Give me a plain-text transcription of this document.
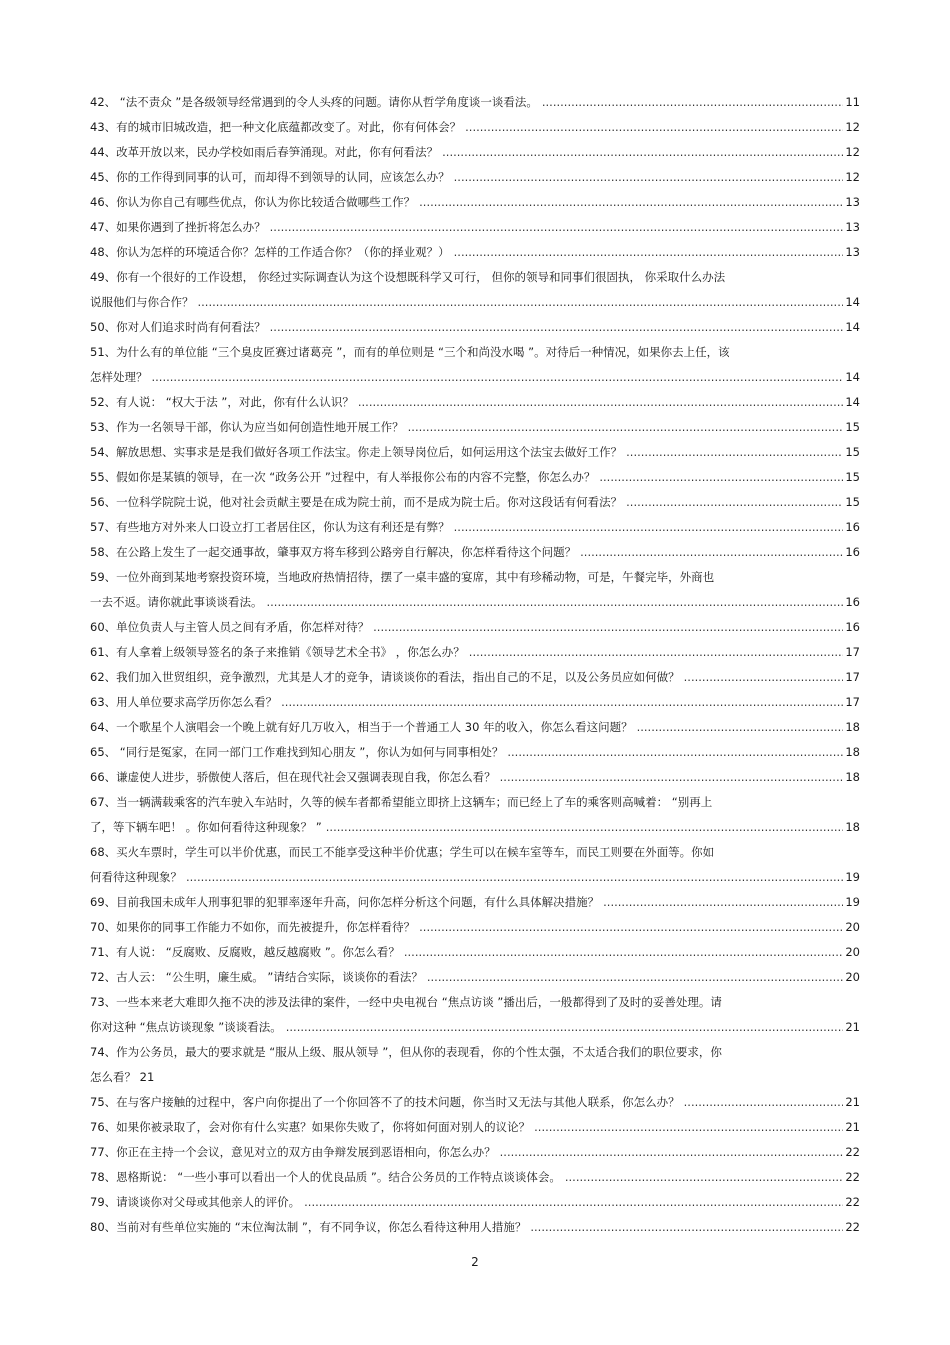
42、 “法不责众 ”是各级领导经常遇到的令人头疼的问题。请你从哲学角度谈一谈看法。 .....	11
43、有的城市旧城改造，把一种文化底蕴都改变了。对此，你有何体会？ .....	12
44、改革开放以来，民办学校如雨后春笋涌现。对此，你有何看法？ .....	12
45、你的工作得到同事的认可，而却得不到领导的认同，应该怎么办？ .....	12
46、你认为你自己有哪些优点，你认为你比较适合做哪些工作？ .....	13
47、如果你遇到了挫折将怎么办？ .....	13
48、你认为怎样的环境适合你？怎样的工作适合你？（你的择业观？） .....	13
49、你有一个很好的工作设想， 你经过实际调查认为这个设想既科学又可行， 但你的领导和同事们很固执， 你采取什么办法
说服他们与你合作？ .....	14
50、你对人们追求时尚有何看法？ .....	14
51、为什么有的单位能 “三个臭皮匠赛过诸葛亮 ”，而有的单位则是 “三个和尚没水喝 ”。对待后一种情况，如果你去上任，该
怎样处理？ .....	14
52、有人说： “权大于法 ”，对此，你有什么认识？ .....	14
53、作为一名领导干部，你认为应当如何创造性地开展工作？ .....	15
54、解放思想、实事求是是我们做好各项工作法宝。你走上领导岗位后，如何运用这个法宝去做好工作？ .....	15
55、假如你是某镇的领导，在一次 “政务公开 ”过程中，有人举报你公布的内容不完整，你怎么办？ .....	15
56、一位科学院院士说，他对社会贡献主要是在成为院士前，而不是成为院士后。你对这段话有何看法？ .....	15
57、有些地方对外来人口设立打工者居住区，你认为这有利还是有弊？ .....	16
58、在公路上发生了一起交通事故，肇事双方将车移到公路旁自行解决，你怎样看待这个问题？ .....	16
59、一位外商到某地考察投资环境，当地政府热情招待，摆了一桌丰盛的宴席，其中有珍稀动物，可是，午餐完毕，外商也
一去不返。请你就此事谈谈看法。 .....	16
60、单位负责人与主管人员之间有矛盾，你怎样对待？ .....	16
61、有人拿着上级领导签名的条子来推销《领导艺术全书》 ，你怎么办？ .....	17
62、我们加入世贸组织，竞争激烈，尤其是人才的竞争，请谈谈你的看法，指出自己的不足，以及公务员应如何做？ .....	17
63、用人单位要求高学历你怎么看？ .....	17
64、一个歌星个人演唱会一个晚上就有好几万收入，相当于一个普通工人 30 年的收入，你怎么看这问题？ .....	18
65、 “同行是冤家，在同一部门工作难找到知心朋友 ”，你认为如何与同事相处？ .....	18
66、谦虚使人进步，骄傲使人落后，但在现代社会又强调表现自我，你怎么看？ .....	18
67、当一辆满载乘客的汽车驶入车站时，久等的候车者都希望能立即挤上这辆车；而已经上了车的乘客则高喊着： “别再上
了，等下辆车吧！ 。你如何看待这种现象？ ” .....	18
68、买火车票时，学生可以半价优惠，而民工不能享受这种半价优惠；学生可以在候车室等车，而民工则要在外面等。你如
何看待这种现象？ .....	19
69、目前我国未成年人刑事犯罪的犯罪率逐年升高，问你怎样分析这个问题，有什么具体解决措施？ .....	19
70、如果你的同事工作能力不如你，而先被提升，你怎样看待？ .....	20
71、有人说： “反腐败、反腐败，越反越腐败 ”。你怎么看？ .....	20
72、古人云： “公生明，廉生威。 ”请结合实际，谈谈你的看法？ .....	20
73、一些本来老大难即久拖不决的涉及法律的案件，一经中央电视台 “焦点访谈 ”播出后，一般都得到了及时的妥善处理。请
你对这种 “焦点访谈现象 ”谈谈看法。 .....	21
74、作为公务员，最大的要求就是 “服从上级、服从领导 ”，但从你的表现看，你的个性太强，不太适合我们的职位要求，你
怎么看？ 21
75、在与客户接触的过程中，客户向你提出了一个你回答不了的技术问题，你当时又无法与其他人联系，你怎么办？ .....	21
76、如果你被录取了，会对你有什么实惠？如果你失败了，你将如何面对别人的议论？ .....	21
77、你正在主持一个会议，意见对立的双方由争辩发展到恶语相向，你怎么办？ .....	22
78、恩格斯说： “一些小事可以看出一个人的优良品质 ”。结合公务员的工作特点谈谈体会。 .....	22
79、请谈谈你对父母或其他亲人的评价。 .....	22
80、当前对有些单位实施的 “末位淘汰制 ”，有不同争议，你怎么看待这种用人措施？ .....	22
2
